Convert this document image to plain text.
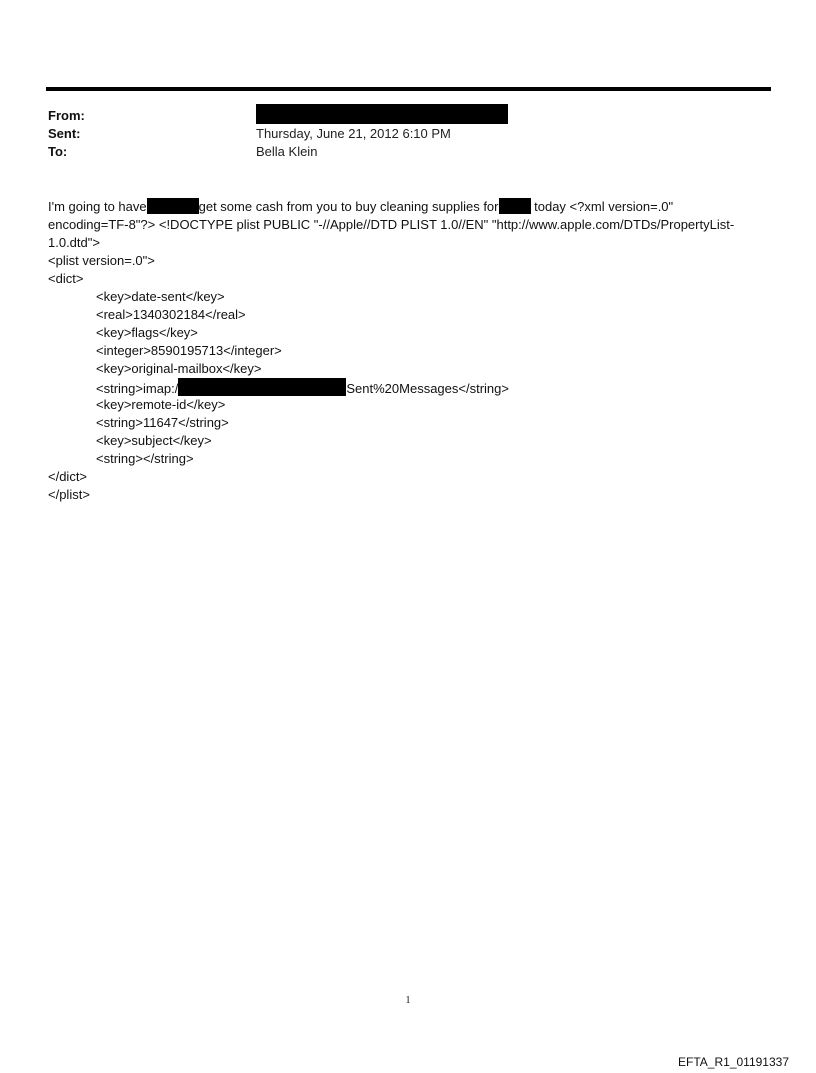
From:
Sent:	Thursday, June 21, 2012 6:10 PM
To:	Bella Klein
I'm going to have	get some cash from you to buy cleaning supplies for	today <?xml version=.0"
encoding=TF-8"?> <!DOCTYPE plist PUBLIC "-//Apple//DTD PLIST 1.0//EN" "http://www.apple.com/DTDs/PropertyList-
1.0.dtd">
<plist version=.0">
<dict>
<key>date-sent</key>
<real>1340302184</real>
<key>flags</key>
<integer>8590195713</integer>
<key>original-mailbox</key>
<string>imap:/	Sent%20Messages</string>
<key>remote-id</key>
<string>11647</string>
<key>subject</key>
<string></string>
</dict>
</plist>
1
EFTA_R1_01191337
